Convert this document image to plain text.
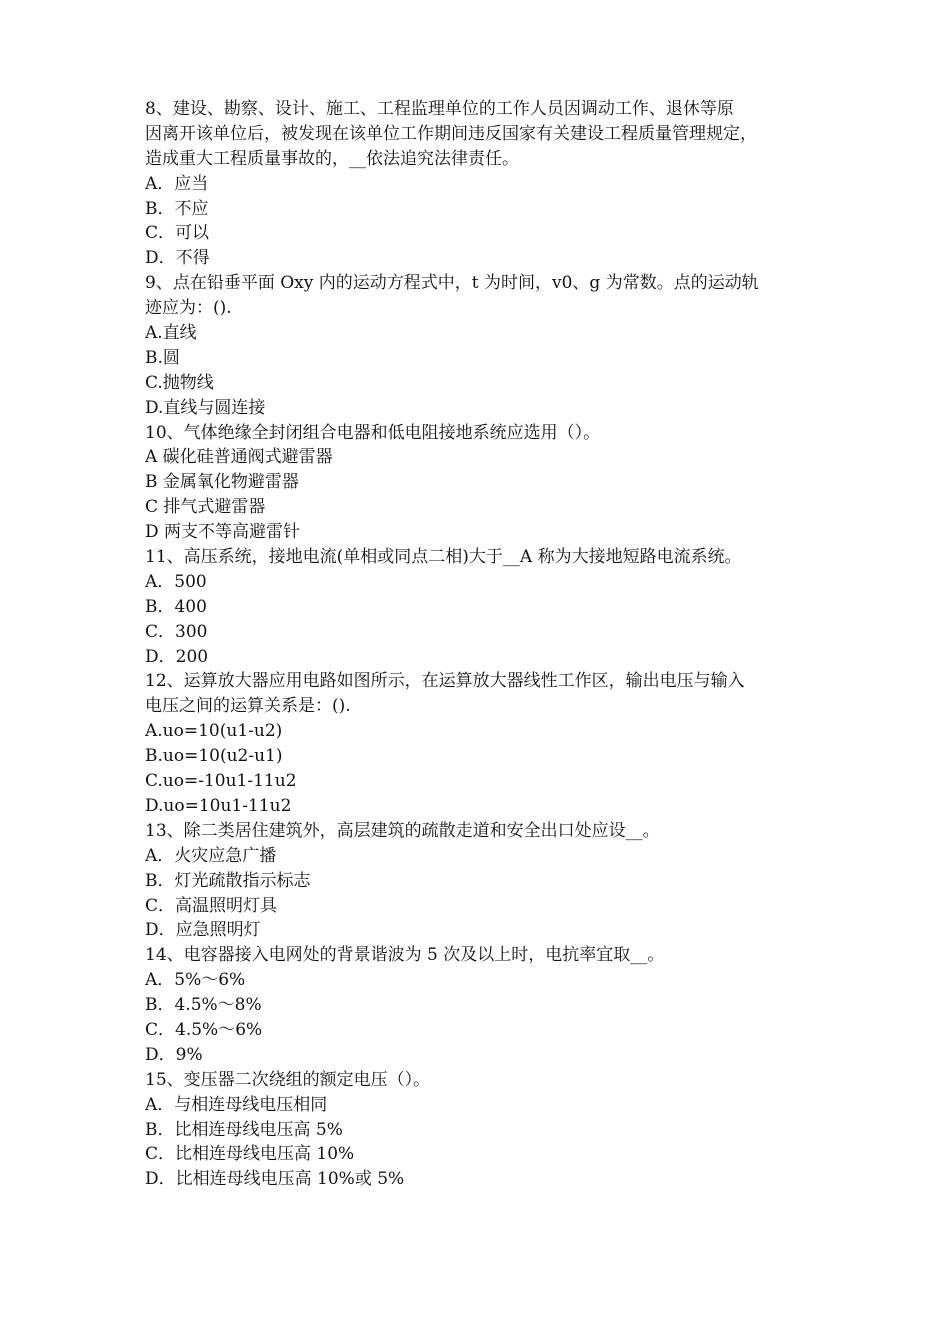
8、建设、勘察、设计、施工、工程监理单位的工作人员因调动工作、退休等原
因离开该单位后，被发现在该单位工作期间违反国家有关建设工程质量管理规定，
造成重大工程质量事故的，__依法追究法律责任。
A．应当
B．不应
C．可以
D．不得
9、点在铅垂平面 Oxy 内的运动方程式中，t 为时间，v0、g 为常数。点的运动轨
迹应为：().
A.直线
B.圆
C.抛物线
D.直线与圆连接
10、气体绝缘全封闭组合电器和低电阻接地系统应选用（）。
A 碳化硅普通阀式避雷器
B 金属氧化物避雷器
C 排气式避雷器
D 两支不等高避雷针
11、高压系统，接地电流(单相或同点二相)大于__A 称为大接地短路电流系统。
A．500
B．400
C．300
D．200
12、运算放大器应用电路如图所示，在运算放大器线性工作区，输出电压与输入
电压之间的运算关系是：().
A.uo=10(u1-u2)
B.uo=10(u2-u1)
C.uo=-10u1-11u2
D.uo=10u1-11u2
13、除二类居住建筑外，高层建筑的疏散走道和安全出口处应设__。
A．火灾应急广播
B．灯光疏散指示标志
C．高温照明灯具
D．应急照明灯
14、电容器接入电网处的背景谐波为 5 次及以上时，电抗率宜取__。
A．5%～6%
B．4.5%～8%
C．4.5%～6%
D．9%
15、变压器二次绕组的额定电压（）。
A．与相连母线电压相同
B．比相连母线电压高 5%
C．比相连母线电压高 10%
D．比相连母线电压高 10%或 5%
